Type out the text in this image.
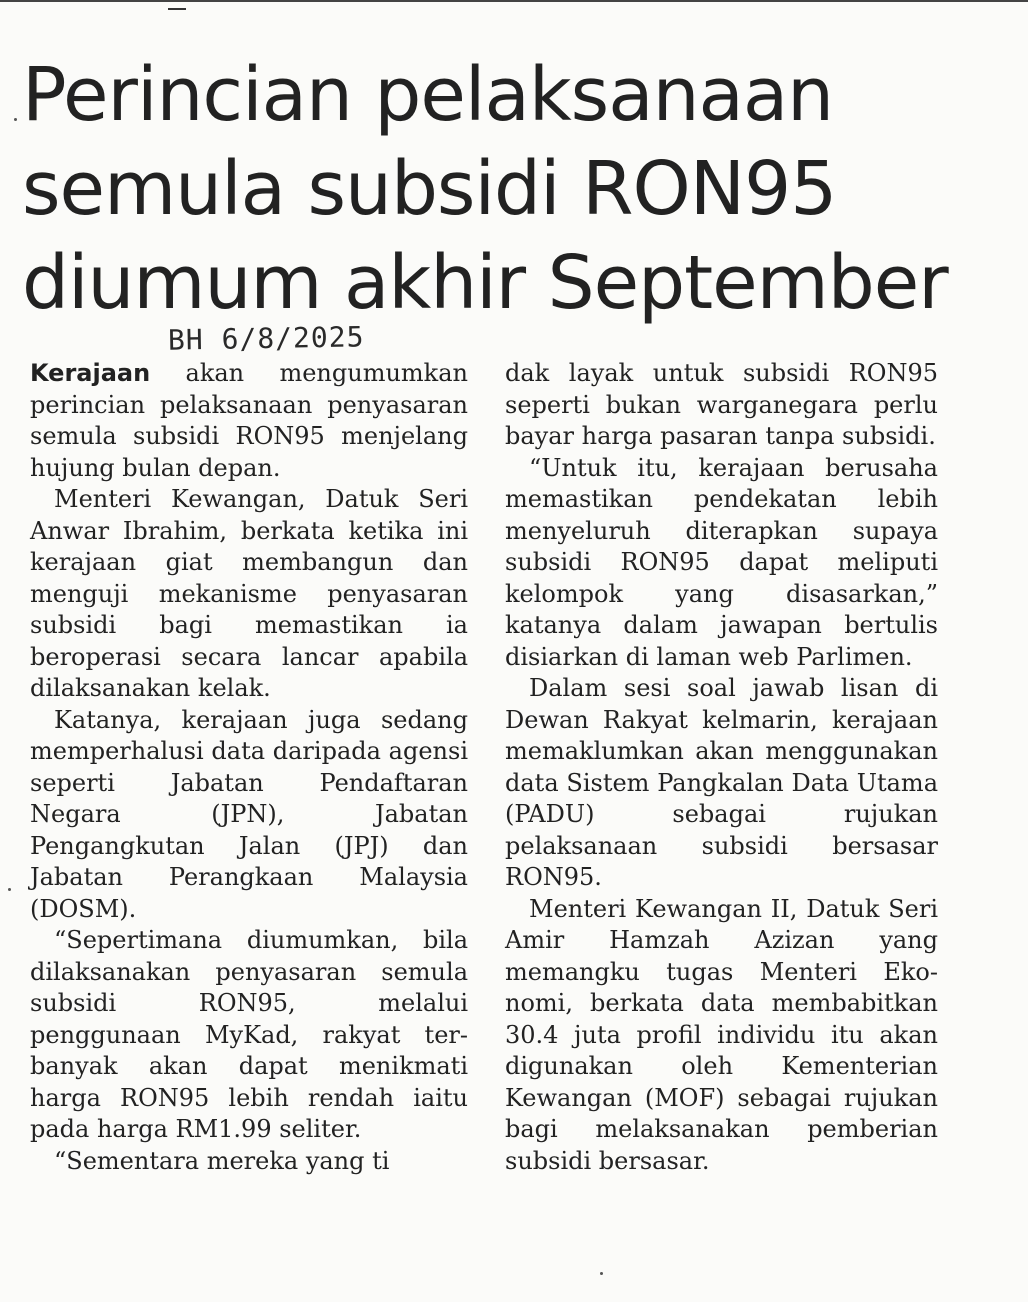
Perincian pelaksanaan
semula subsidi RON95
diumum akhir September
BH 6/8/2025

Kerajaan akan mengumumkan perincian pelaksanaan penyasaran semula subsidi RON95 menjelang hujung bulan depan.

Menteri Kewangan, Datuk Seri Anwar Ibrahim, berkata ketika ini kerajaan giat membangun dan menguji mekanisme penyasaran subsidi bagi memastikan ia beroperasi secara lancar apabila dilaksanakan kelak.

Katanya, kerajaan juga sedang memperhalusi data daripada agensi seperti Jabatan Pendaftaran Negara (JPN), Jabatan Pengangkutan Jalan (JPJ) dan Jabatan Perangkaan Malaysia (DOSM).

“Sepertimana diumumkan, bila dilaksanakan penyasaran semula subsidi RON95, melalui penggunaan MyKad, rakyat terbanyak akan dapat menikmati harga RON95 lebih rendah iaitu pada harga RM1.99 seliter.

“Sementara mereka yang ti

dak layak untuk subsidi RON95 seperti bukan warganegara perlu bayar harga pasaran tanpa subsidi.

“Untuk itu, kerajaan berusaha memastikan pendekatan lebih menyeluruh diterapkan supaya subsidi RON95 dapat meliputi kelompok yang disasarkan,” katanya dalam jawapan bertulis disiarkan di laman web Parlimen.

Dalam sesi soal jawab lisan di Dewan Rakyat kelmarin, kerajaan memaklumkan akan menggunakan data Sistem Pangkalan Data Utama (PADU) sebagai rujukan pelaksanaan subsidi bersasar RON95.

Menteri Kewangan II, Datuk Seri Amir Hamzah Azizan yang memangku tugas Menteri Ekonomi, berkata data membabitkan 30.4 juta profil individu itu akan digunakan oleh Kementerian Kewangan (MOF) sebagai rujukan bagi melaksanakan pemberian subsidi bersasar.
